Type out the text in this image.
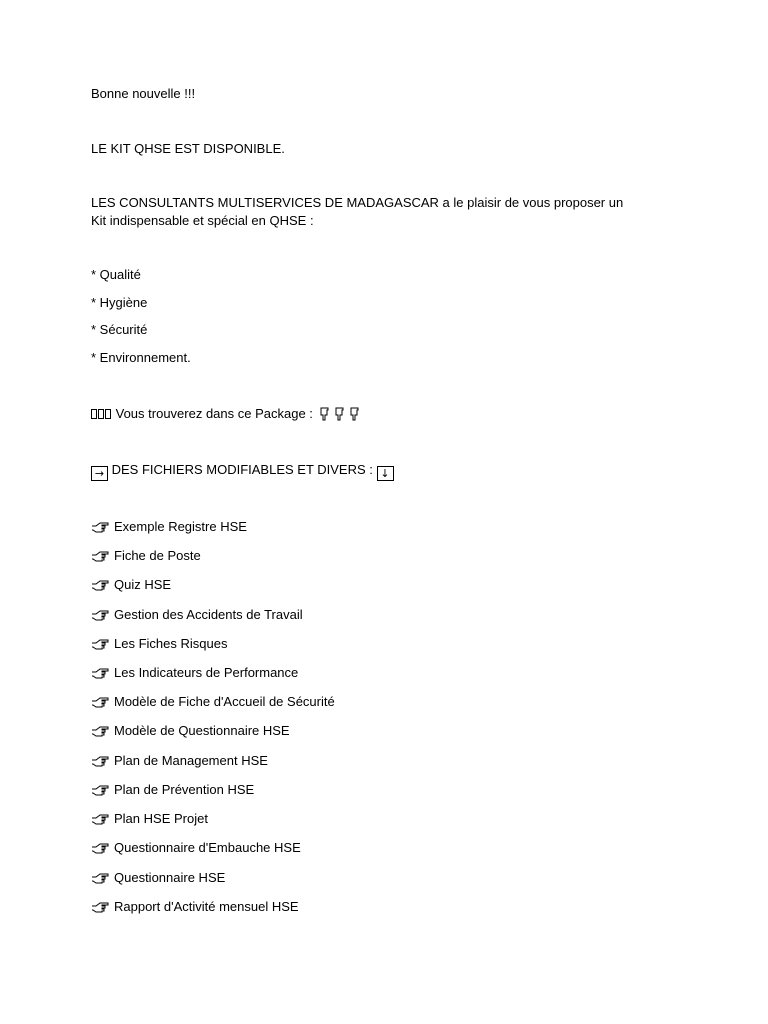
Bonne nouvelle !!!

LE KIT QHSE EST DISPONIBLE.

LES CONSULTANTS MULTISERVICES DE MADAGASCAR a le plaisir de vous proposer un Kit indispensable et spécial en QHSE :

* Qualité

* Hygiène

* Sécurité

* Environnement.

Vous trouverez dans ce Package :

→ DES FICHIERS MODIFIABLES ET DIVERS : ↓

Exemple Registre HSE

Fiche de Poste

Quiz HSE

Gestion des Accidents de Travail

Les Fiches Risques

Les Indicateurs de Performance

Modèle de Fiche d'Accueil de Sécurité

Modèle de Questionnaire HSE

Plan de Management HSE

Plan de Prévention HSE

Plan HSE Projet

Questionnaire d'Embauche HSE

Questionnaire HSE

Rapport d'Activité mensuel HSE
